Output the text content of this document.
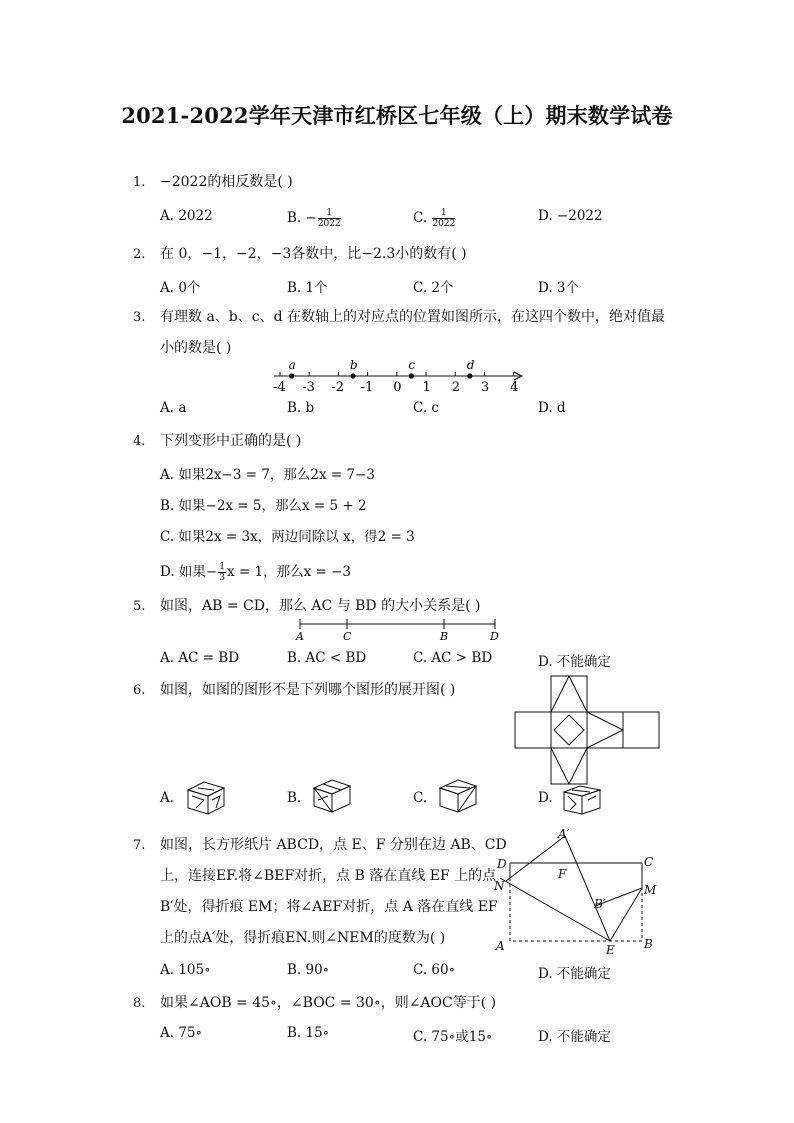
2021-2022学年天津市红桥区七年级（上）期末数学试卷
1. −2022的相反数是( )
A. 2022	B. − $\frac{1}{2022}$	C. $\frac{1}{2022}$	D. −2022
2. 在 0，−1，−2，−3各数中，比−2.3小的数有( )
A. 0个	B. 1个	C. 2个	D. 3个
3. 有理数 a、b、c、d 在数轴上的对应点的位置如图所示，在这四个数中，绝对值最
小的数是( )
-4 -3 -2 -1 0 1 2 3 4
a	b	c	d
A. a	B. b	C. c	D. d
4. 下列变形中正确的是( )
A. 如果2x−3 = 7，那么2x = 7−3
B. 如果−2x = 5，那么x = 5 + 2
C. 如果2x = 3x，两边同除以 x，得2 = 3
D. 如果− $\frac{1}{3}$ x = 1，那么x = −3
5. 如图，AB = CD，那么 AC 与 BD 的大小关系是( )
A	C	B	D
A. AC = BD	B. AC < BD	C. AC > BD	D. 不能确定
6. 如图，如图的图形不是下列哪个图形的展开图( )
A.	B.	C.	D.
7. 如图，长方形纸片 ABCD，点 E、F 分别在边 AB、CD
上，连接EF.将∠BEF对折，点 B 落在直线 EF 上的点
B′处，得折痕 EM；将∠AEF对折，点 A 落在直线 EF
上的点A′处，得折痕EN.则∠NEM的度数为( )
A′
D	C
N
F
M
B′
A	E B
A. 105∘	B. 90∘	C. 60∘	D. 不能确定
8. 如果∠AOB = 45∘，∠BOC = 30∘，则∠AOC等于( )
A. 75∘	B. 15∘	C. 75∘或15∘	D. 不能确定
